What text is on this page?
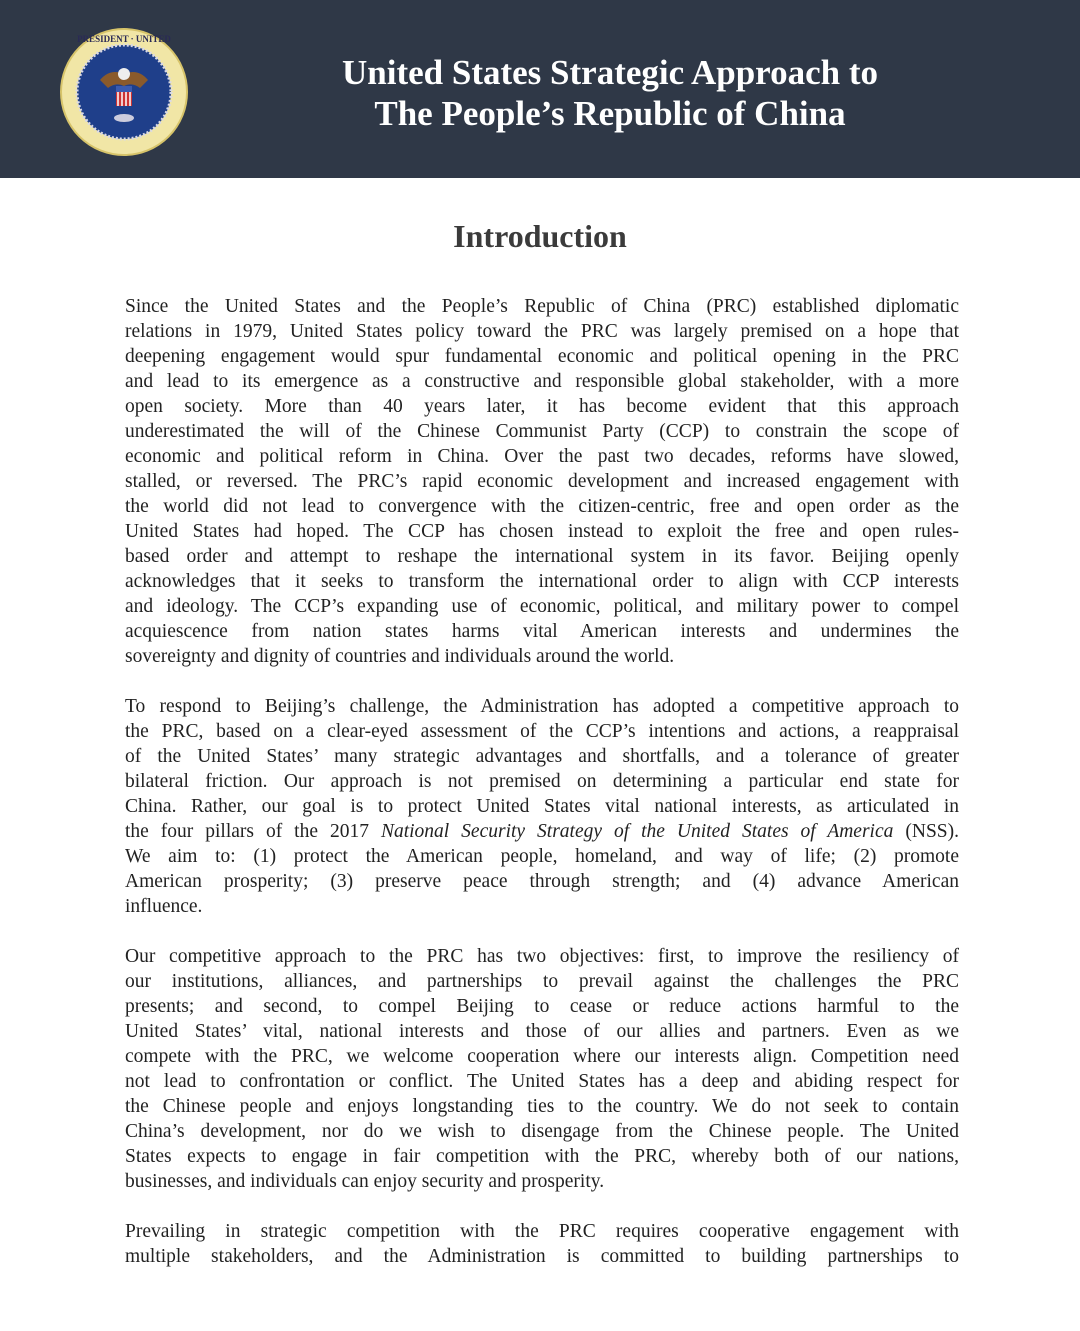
PRESIDENT · UNITED
United States Strategic Approach to
The People’s Republic of China
Introduction
Since the United States and the People’s Republic of China (PRC) established diplomatic
relations in 1979, United States policy toward the PRC was largely premised on a hope that
deepening engagement would spur fundamental economic and political opening in the PRC
and lead to its emergence as a constructive and responsible global stakeholder, with a more
open society. More than 40 years later, it has become evident that this approach
underestimated the will of the Chinese Communist Party (CCP) to constrain the scope of
economic and political reform in China. Over the past two decades, reforms have slowed,
stalled, or reversed. The PRC’s rapid economic development and increased engagement with
the world did not lead to convergence with the citizen-centric, free and open order as the
United States had hoped. The CCP has chosen instead to exploit the free and open rules-
based order and attempt to reshape the international system in its favor. Beijing openly
acknowledges that it seeks to transform the international order to align with CCP interests
and ideology. The CCP’s expanding use of economic, political, and military power to compel
acquiescence from nation states harms vital American interests and undermines the
sovereignty and dignity of countries and individuals around the world.
To respond to Beijing’s challenge, the Administration has adopted a competitive approach to
the PRC, based on a clear-eyed assessment of the CCP’s intentions and actions, a reappraisal
of the United States’ many strategic advantages and shortfalls, and a tolerance of greater
bilateral friction. Our approach is not premised on determining a particular end state for
China. Rather, our goal is to protect United States vital national interests, as articulated in
the four pillars of the 2017 National Security Strategy of the United States of America (NSS).
We aim to: (1) protect the American people, homeland, and way of life; (2) promote
American prosperity; (3) preserve peace through strength; and (4) advance American
influence.
Our competitive approach to the PRC has two objectives: first, to improve the resiliency of
our institutions, alliances, and partnerships to prevail against the challenges the PRC
presents; and second, to compel Beijing to cease or reduce actions harmful to the
United States’ vital, national interests and those of our allies and partners. Even as we
compete with the PRC, we welcome cooperation where our interests align. Competition need
not lead to confrontation or conflict. The United States has a deep and abiding respect for
the Chinese people and enjoys longstanding ties to the country. We do not seek to contain
China’s development, nor do we wish to disengage from the Chinese people. The United
States expects to engage in fair competition with the PRC, whereby both of our nations,
businesses, and individuals can enjoy security and prosperity.
Prevailing in strategic competition with the PRC requires cooperative engagement with
multiple stakeholders, and the Administration is committed to building partnerships to
